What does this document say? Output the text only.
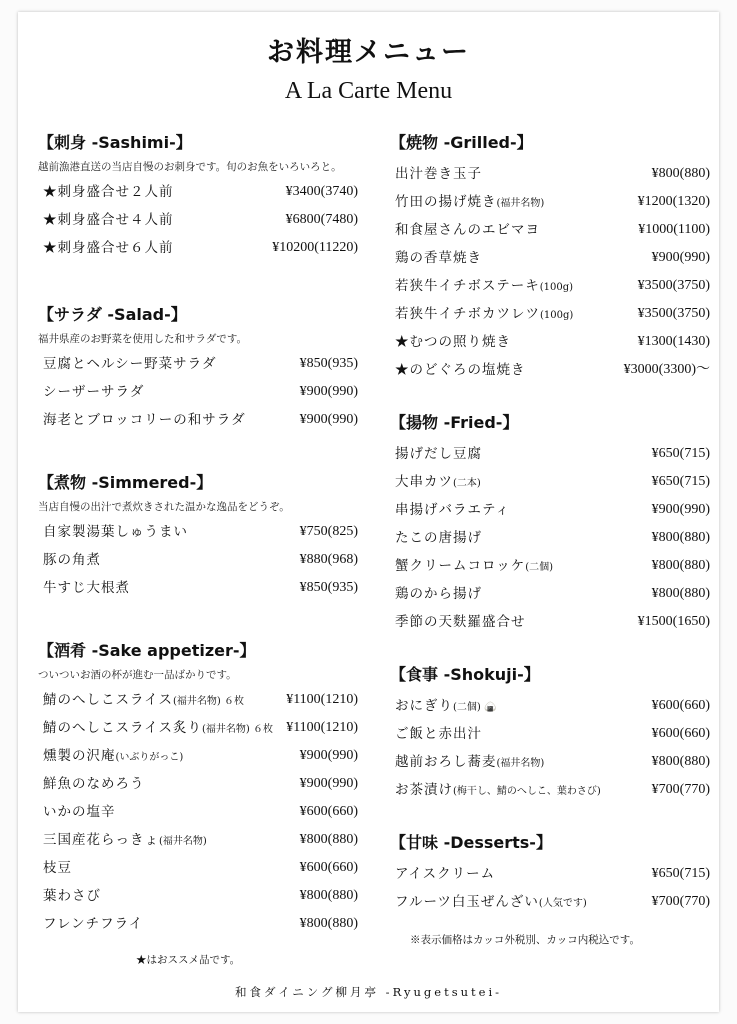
お料理メニュー
A La Carte Menu
【刺身 -Sashimi-】
越前漁港直送の当店自慢のお刺身です。旬のお魚をいろいろと。
★刺身盛合せ２人前	¥3400(3740)
★刺身盛合せ４人前	¥6800(7480)
★刺身盛合せ６人前	¥10200(11220)
【サラダ -Salad-】
福井県産のお野菜を使用した和サラダです。
豆腐とヘルシー野菜サラダ	¥850(935)
シーザーサラダ	¥900(990)
海老とブロッコリーの和サラダ	¥900(990)
【煮物 -Simmered-】
当店自慢の出汁で煮炊きされた温かな逸品をどうぞ。
自家製湯葉しゅうまい	¥750(825)
豚の角煮	¥880(968)
牛すじ大根煮	¥850(935)
【酒肴 -Sake appetizer-】
ついついお酒の杯が進む一品ばかりです。
鯖のへしこスライス(福井名物) ６枚	¥1100(1210)
鯖のへしこスライス炙り(福井名物) ６枚 ¥1100(1210)
燻製の沢庵(いぶりがっこ)	¥900(990)
鮮魚のなめろう	¥900(990)
いかの塩辛	¥600(660)
三国産花らっきょ(福井名物)	¥800(880)
枝豆	¥600(660)
葉わさび	¥800(880)
フレンチフライ	¥800(880)
【焼物 -Grilled-】
出汁巻き玉子	¥800(880)
竹田の揚げ焼き(福井名物)	¥1200(1320)
和食屋さんのエビマヨ	¥1000(1100)
鶏の香草焼き	¥900(990)
若狭牛イチボステーキ(100g)	¥3500(3750)
若狭牛イチボカツレツ(100g)	¥3500(3750)
★むつの照り焼き	¥1300(1430)
★のどぐろの塩焼き	¥3000(3300)～
【揚物 -Fried-】
揚げだし豆腐	¥650(715)
大串カツ(二本)	¥650(715)
串揚げバラエティ	¥900(990)
たこの唐揚げ	¥800(880)
蟹クリームコロッケ(二個)	¥800(880)
鶏のから揚げ	¥800(880)
季節の天麩羅盛合せ	¥1500(1650)
【食事 -Shokuji-】
おにぎり(二個) 🍙	¥600(660)
ご飯と赤出汁	¥600(660)
越前おろし蕎麦(福井名物)	¥800(880)
お茶漬け(梅干し、鯖のへしこ、葉わさび)	¥700(770)
【甘味 -Desserts-】
アイスクリーム	¥650(715)
フルーツ白玉ぜんざい(人気です)	¥700(770)
※表示価格はカッコ外税別、カッコ内税込です。
★はおススメ品です。
和食ダイニング柳月亭 -Ryugetsutei-
